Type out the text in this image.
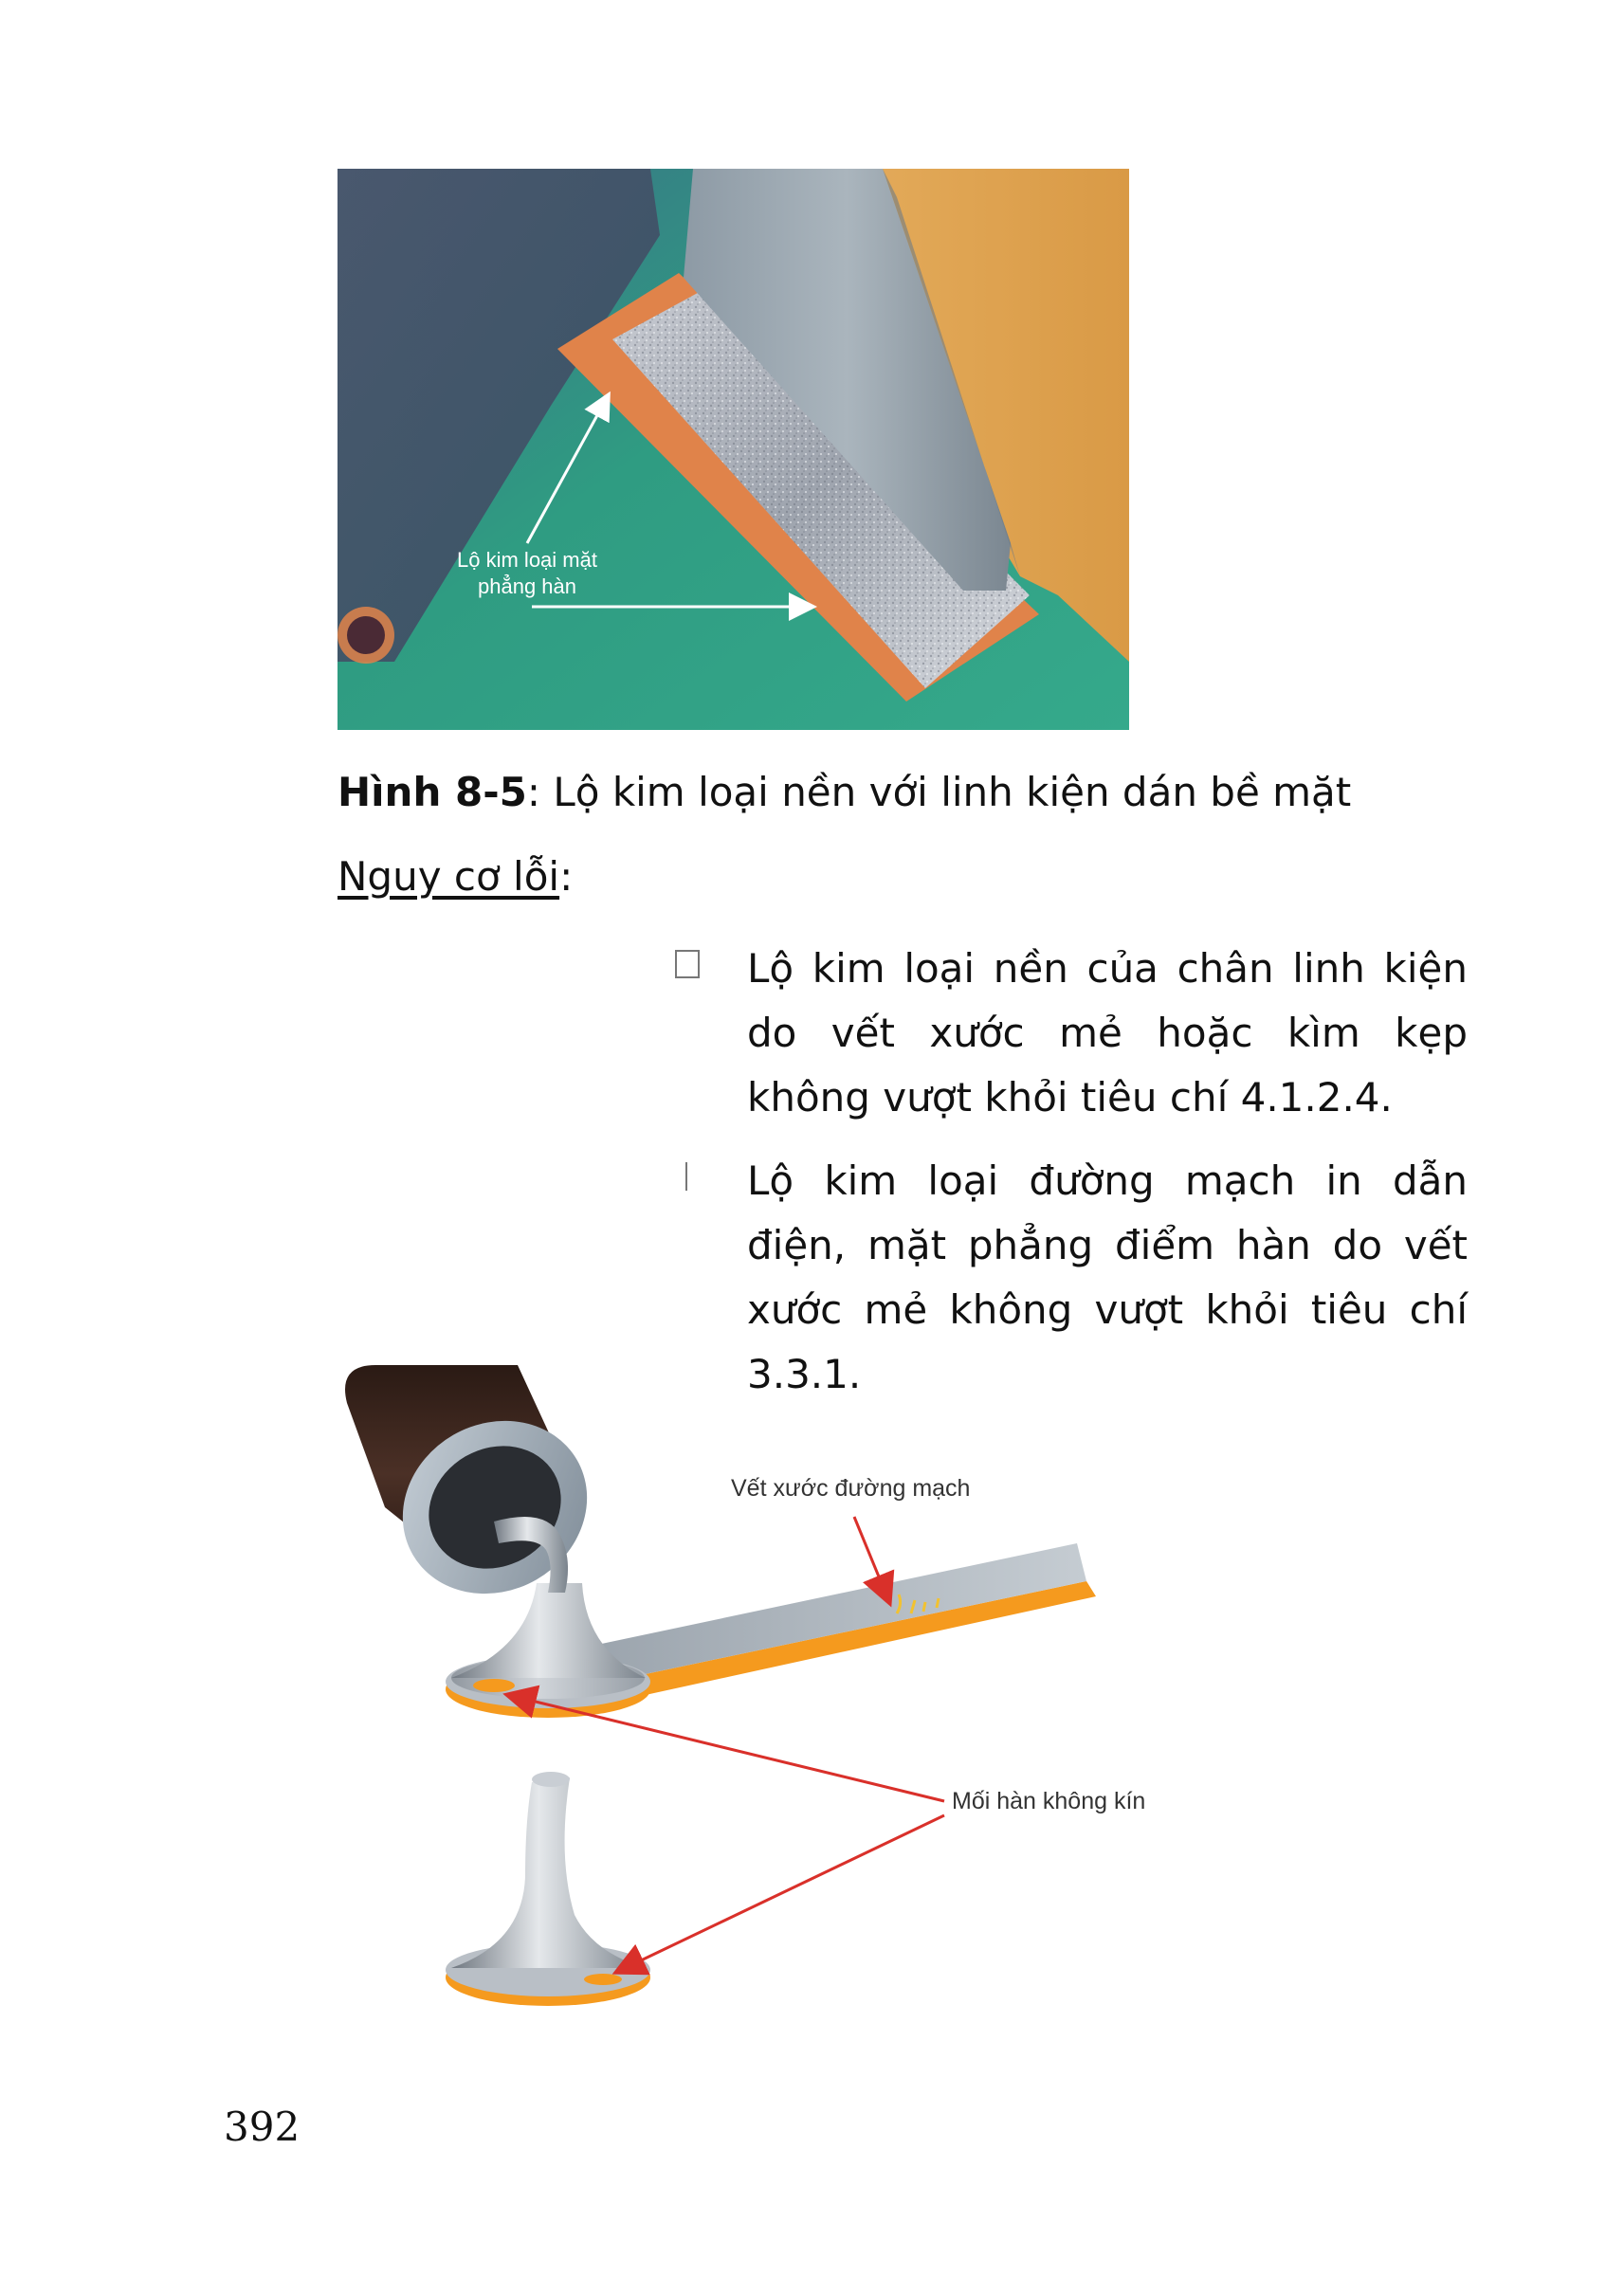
Lộ kim loại mặt
phẳng hàn
Hình 8-5: Lộ kim loại nền với linh kiện dán bề mặt
Nguy cơ lỗi:
Lộ kim loại nền của chân linh kiện do vết xước mẻ hoặc kìm kẹp không vượt khỏi tiêu chí 4.1.2.4.
Lộ kim loại đường mạch in dẫn điện, mặt phẳng điểm hàn do vết xước mẻ không vượt khỏi tiêu chí 3.3.1.
Vết xước đường mạch
Mối hàn không kín
392
